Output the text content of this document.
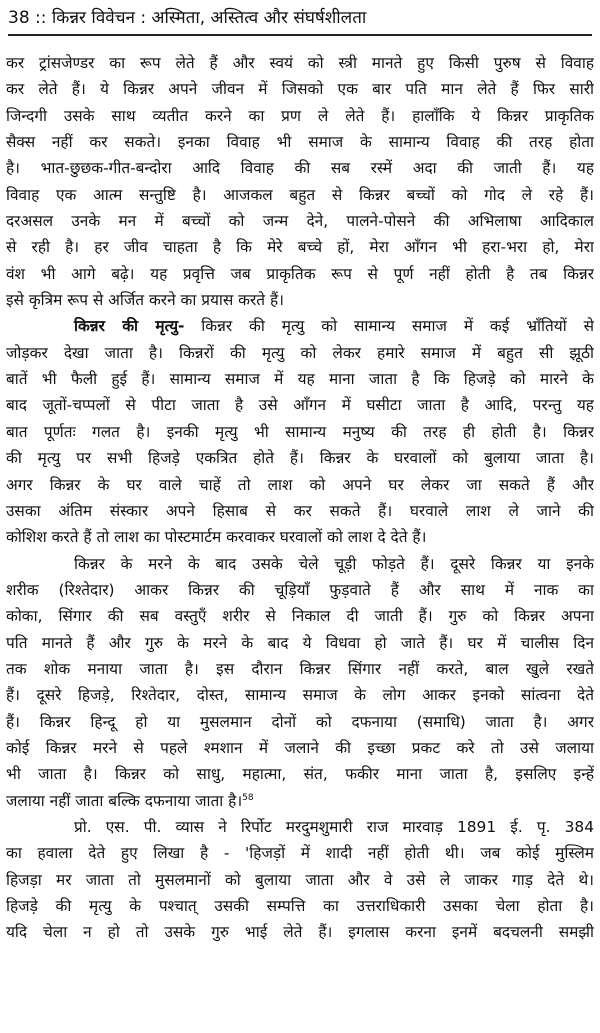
38 :: किन्नर विवेचन : अस्मिता, अस्तित्व और संघर्षशीलता
कर ट्रांसजेण्डर का रूप लेते हैं और स्वयं को स्त्री मानते हुए किसी पुरुष से विवाह
कर लेते हैं। ये किन्नर अपने जीवन में जिसको एक बार पति मान लेते हैं फिर सारी
जिन्दगी उसके साथ व्यतीत करने का प्रण ले लेते हैं। हालाँकि ये किन्नर प्राकृतिक
सैक्स नहीं कर सकते। इनका विवाह भी समाज के सामान्य विवाह की तरह होता
है। भात-छुछक-गीत-बन्दोरा आदि विवाह की सब रस्में अदा की जाती हैं। यह
विवाह एक आत्म सन्तुष्टि है। आजकल बहुत से किन्नर बच्चों को गोद ले रहे हैं।
दरअसल उनके मन में बच्चों को जन्म देने, पालने-पोसने की अभिलाषा आदिकाल
से रही है। हर जीव चाहता है कि मेरे बच्चे हों, मेरा आँगन भी हरा-भरा हो, मेरा
वंश भी आगे बढ़े। यह प्रवृत्ति जब प्राकृतिक रूप से पूर्ण नहीं होती है तब किन्नर
इसे कृत्रिम रूप से अर्जित करने का प्रयास करते हैं।
किन्नर की मृत्यु- किन्नर की मृत्यु को सामान्य समाज में कई भ्राँतियों से
जोड़कर देखा जाता है। किन्नरों की मृत्यु को लेकर हमारे समाज में बहुत सी झूठी
बातें भी फैली हुई हैं। सामान्य समाज में यह माना जाता है कि हिजड़े को मारने के
बाद जूतों-चप्पलों से पीटा जाता है उसे आँगन में घसीटा जाता है आदि, परन्तु यह
बात पूर्णतः गलत है। इनकी मृत्यु भी सामान्य मनुष्य की तरह ही होती है। किन्नर
की मृत्यु पर सभी हिजड़े एकत्रित होते हैं। किन्नर के घरवालों को बुलाया जाता है।
अगर किन्नर के घर वाले चाहें तो लाश को अपने घर लेकर जा सकते हैं और
उसका अंतिम संस्कार अपने हिसाब से कर सकते हैं। घरवाले लाश ले जाने की
कोशिश करते हैं तो लाश का पोस्टमार्टम करवाकर घरवालों को लाश दे देते हैं।
किन्नर के मरने के बाद उसके चेले चूड़ी फोड़ते हैं। दूसरे किन्नर या इनके
शरीक (रिश्तेदार) आकर किन्नर की चूड़ियाँ फुड़वाते हैं और साथ में नाक का
कोका, सिंगार की सब वस्तुएँ शरीर से निकाल दी जाती हैं। गुरु को किन्नर अपना
पति मानते हैं और गुरु के मरने के बाद ये विधवा हो जाते हैं। घर में चालीस दिन
तक शोक मनाया जाता है। इस दौरान किन्नर सिंगार नहीं करते, बाल खुले रखते
हैं। दूसरे हिजड़े, रिश्तेदार, दोस्त, सामान्य समाज के लोग आकर इनको सांत्वना देते
हैं। किन्नर हिन्दू हो या मुसलमान दोनों को दफनाया (समाधि) जाता है। अगर
कोई किन्नर मरने से पहले श्मशान में जलाने की इच्छा प्रकट करे तो उसे जलाया
भी जाता है। किन्नर को साधु, महात्मा, संत, फकीर माना जाता है, इसलिए इन्हें
जलाया नहीं जाता बल्कि दफनाया जाता है।$^{58}$
प्रो. एस. पी. व्यास ने रिर्पोट मरदुमशुमारी राज मारवाड़ 1891 ई. पृ. 384
का हवाला देते हुए लिखा है - 'हिजड़ों में शादी नहीं होती थी। जब कोई मुस्लिम
हिजड़ा मर जाता तो मुसलमानों को बुलाया जाता और वे उसे ले जाकर गाड़ देते थे।
हिजड़े की मृत्यु के पश्चात् उसकी सम्पत्ति का उत्तराधिकारी उसका चेला होता है।
यदि चेला न हो तो उसके गुरु भाई लेते हैं। इगलास करना इनमें बदचलनी समझी
